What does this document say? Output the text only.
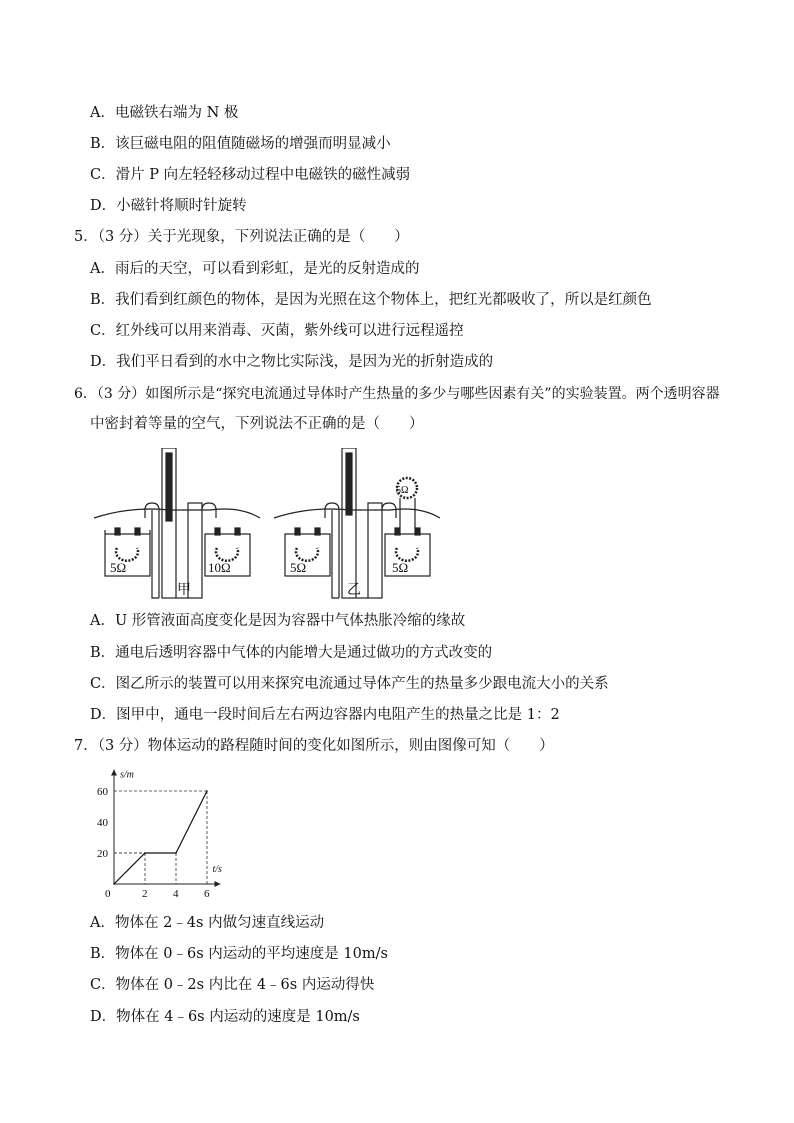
A．电磁铁右端为 N 极
B．该巨磁电阻的阻值随磁场的增强而明显减小
C．滑片 P 向左轻轻移动过程中电磁铁的磁性减弱
D．小磁针将顺时针旋转
5．（3 分）关于光现象，下列说法正确的是（　　）
A．雨后的天空，可以看到彩虹，是光的反射造成的
B．我们看到红颜色的物体，是因为光照在这个物体上，把红光都吸收了，所以是红颜色
C．红外线可以用来消毒、灭菌，紫外线可以进行远程遥控
D．我们平日看到的水中之物比实际浅，是因为光的折射造成的
6．（3 分）如图所示是“探究电流通过导体时产生热量的多少与哪些因素有关”的实验装置。两个透明容器
中密封着等量的空气，下列说法不正确的是（　　）
5Ω	10Ω
甲
5Ω	5Ω
5Ω
乙
A．U 形管液面高度变化是因为容器中气体热胀冷缩的缘故
B．通电后透明容器中气体的内能增大是通过做功的方式改变的
C．图乙所示的装置可以用来探究电流通过导体产生的热量多少跟电流大小的关系
D．图甲中，通电一段时间后左右两边容器内电阻产生的热量之比是 1：2
7．（3 分）物体运动的路程随时间的变化如图所示，则由图像可知（　　）
s/m
t/s
0	2 4 6
20
40
60
A．物体在 2﹣4s 内做匀速直线运动
B．物体在 0﹣6s 内运动的平均速度是 10m/s
C．物体在 0﹣2s 内比在 4﹣6s 内运动得快
D．物体在 4﹣6s 内运动的速度是 10m/s
